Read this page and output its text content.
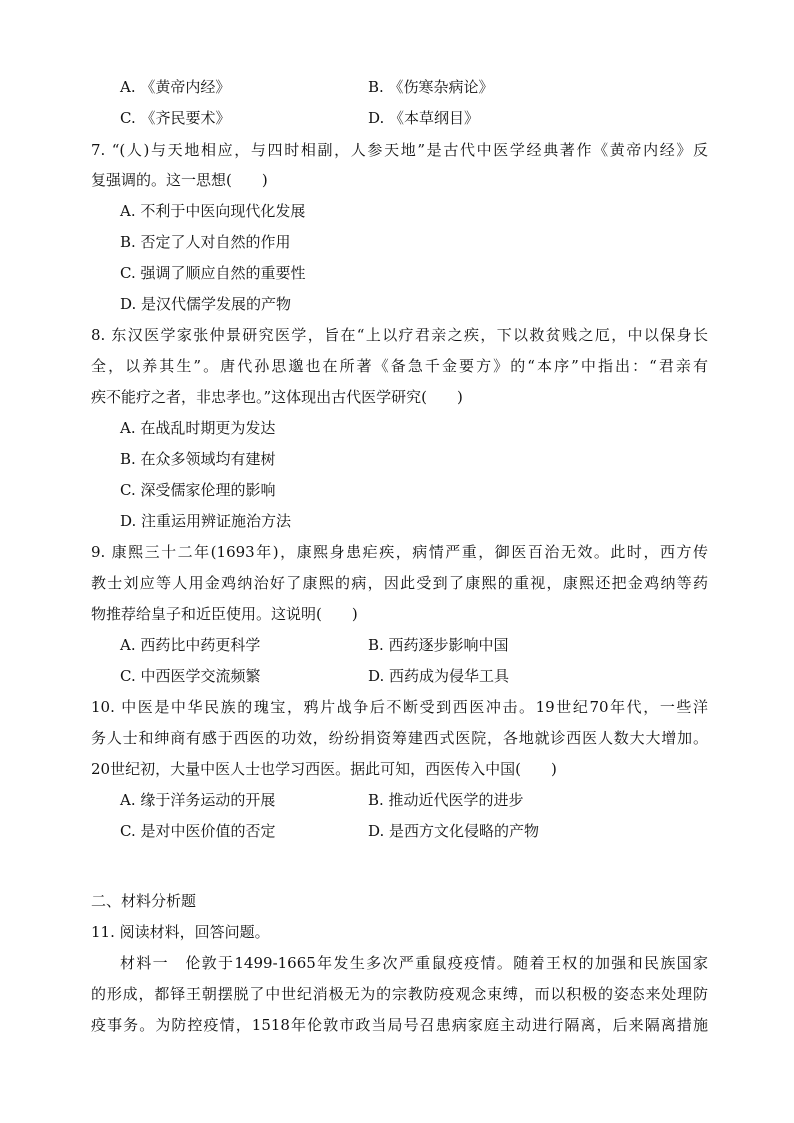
A. 《黄帝内经》	B. 《伤寒杂病论》
C. 《齐民要术》	D. 《本草纲目》
7. “(人)与天地相应，与四时相副，人参天地”是古代中医学经典著作《黄帝内经》反
复强调的。这一思想(　　)
A. 不利于中医向现代化发展
B. 否定了人对自然的作用
C. 强调了顺应自然的重要性
D. 是汉代儒学发展的产物
8. 东汉医学家张仲景研究医学，旨在“上以疗君亲之疾，下以救贫贱之厄，中以保身长
全，以养其生”。唐代孙思邈也在所著《备急千金要方》的“本序”中指出：“君亲有
疾不能疗之者，非忠孝也。”这体现出古代医学研究(　　)
A. 在战乱时期更为发达
B. 在众多领域均有建树
C. 深受儒家伦理的影响
D. 注重运用辨证施治方法
9. 康熙三十二年(1693年)，康熙身患疟疾，病情严重，御医百治无效。此时，西方传
教士刘应等人用金鸡纳治好了康熙的病，因此受到了康熙的重视，康熙还把金鸡纳等药
物推荐给皇子和近臣使用。这说明(　　)
A. 西药比中药更科学	B. 西药逐步影响中国
C. 中西医学交流频繁	D. 西药成为侵华工具
10. 中医是中华民族的瑰宝，鸦片战争后不断受到西医冲击。19世纪70年代，一些洋
务人士和绅商有感于西医的功效，纷纷捐资筹建西式医院，各地就诊西医人数大大增加。
20世纪初，大量中医人士也学习西医。据此可知，西医传入中国(　　)
A. 缘于洋务运动的开展	B. 推动近代医学的进步
C. 是对中医价值的否定	D. 是西方文化侵略的产物
二、材料分析题
11. 阅读材料，回答问题。
材料一　伦敦于1499-1665年发生多次严重鼠疫疫情。随着王权的加强和民族国家
的形成，都铎王朝摆脱了中世纪消极无为的宗教防疫观念束缚，而以积极的姿态来处理防
疫事务。为防控疫情，1518年伦敦市政当局号召患病家庭主动进行隔离，后来隔离措施
